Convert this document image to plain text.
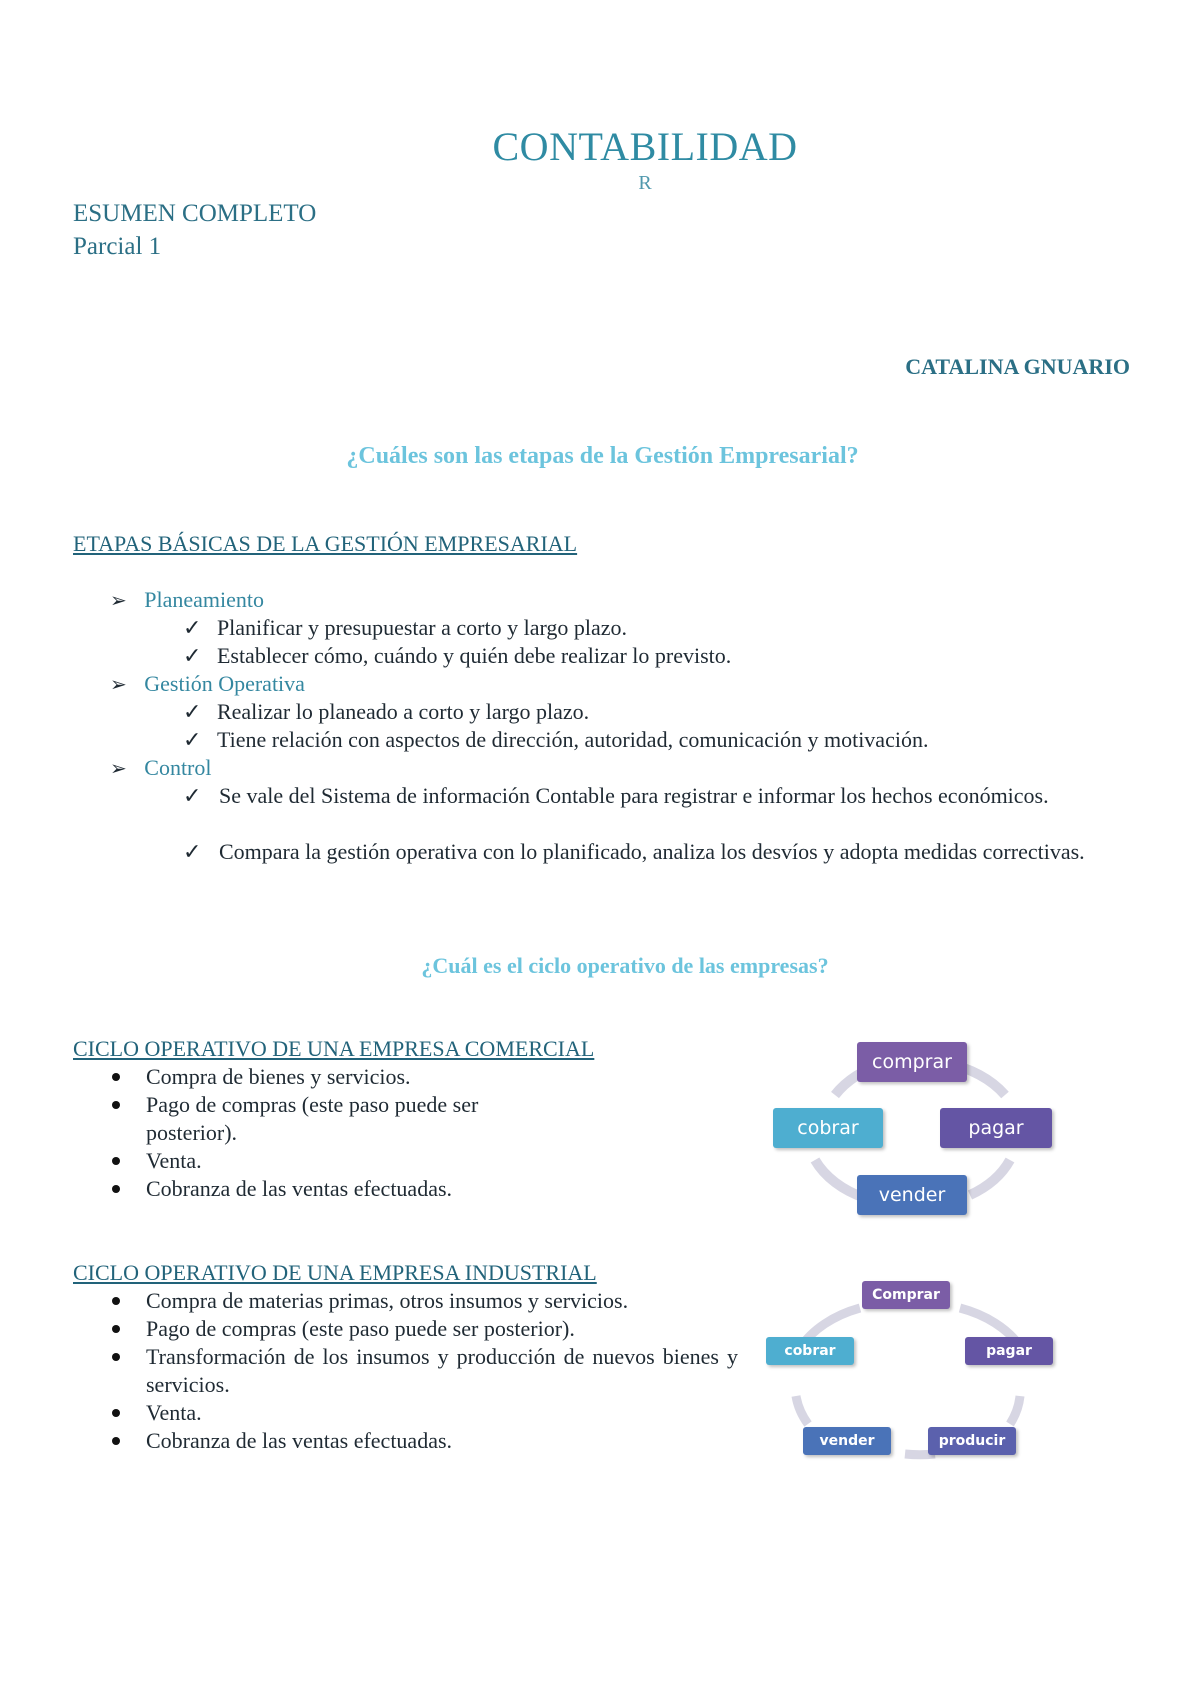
CONTABILIDAD
R
ESUMEN COMPLETO
Parcial 1
CATALINA GNUARIO
¿Cuáles son las etapas de la Gestión Empresarial?
ETAPAS BÁSICAS DE LA GESTIÓN EMPRESARIAL
➢ Planeamiento
✓ Planificar y presupuestar a corto y largo plazo.
✓ Establecer cómo, cuándo y quién debe realizar lo previsto.
➢ Gestión Operativa
✓ Realizar lo planeado a corto y largo plazo.
✓ Tiene relación con aspectos de dirección, autoridad, comunicación y motivación.
➢ Control
✓ Se vale del Sistema de información Contable para registrar e informar los hechos económicos.
✓ Compara la gestión operativa con lo planificado, analiza los desvíos y adopta medidas correctivas.
¿Cuál es el ciclo operativo de las empresas?
CICLO OPERATIVO DE UNA EMPRESA COMERCIAL
Compra de bienes y servicios.
Pago de compras (este paso puede ser posterior).
Venta.
Cobranza de las ventas efectuadas.
comprar
pagar
vender
cobrar
CICLO OPERATIVO DE UNA EMPRESA INDUSTRIAL
Compra de materias primas, otros insumos y servicios.
Pago de compras (este paso puede ser posterior).
Transformación de los insumos y producción de nuevos bienes y servicios.
Venta.
Cobranza de las ventas efectuadas.
Comprar
pagar
producir
vender
cobrar
